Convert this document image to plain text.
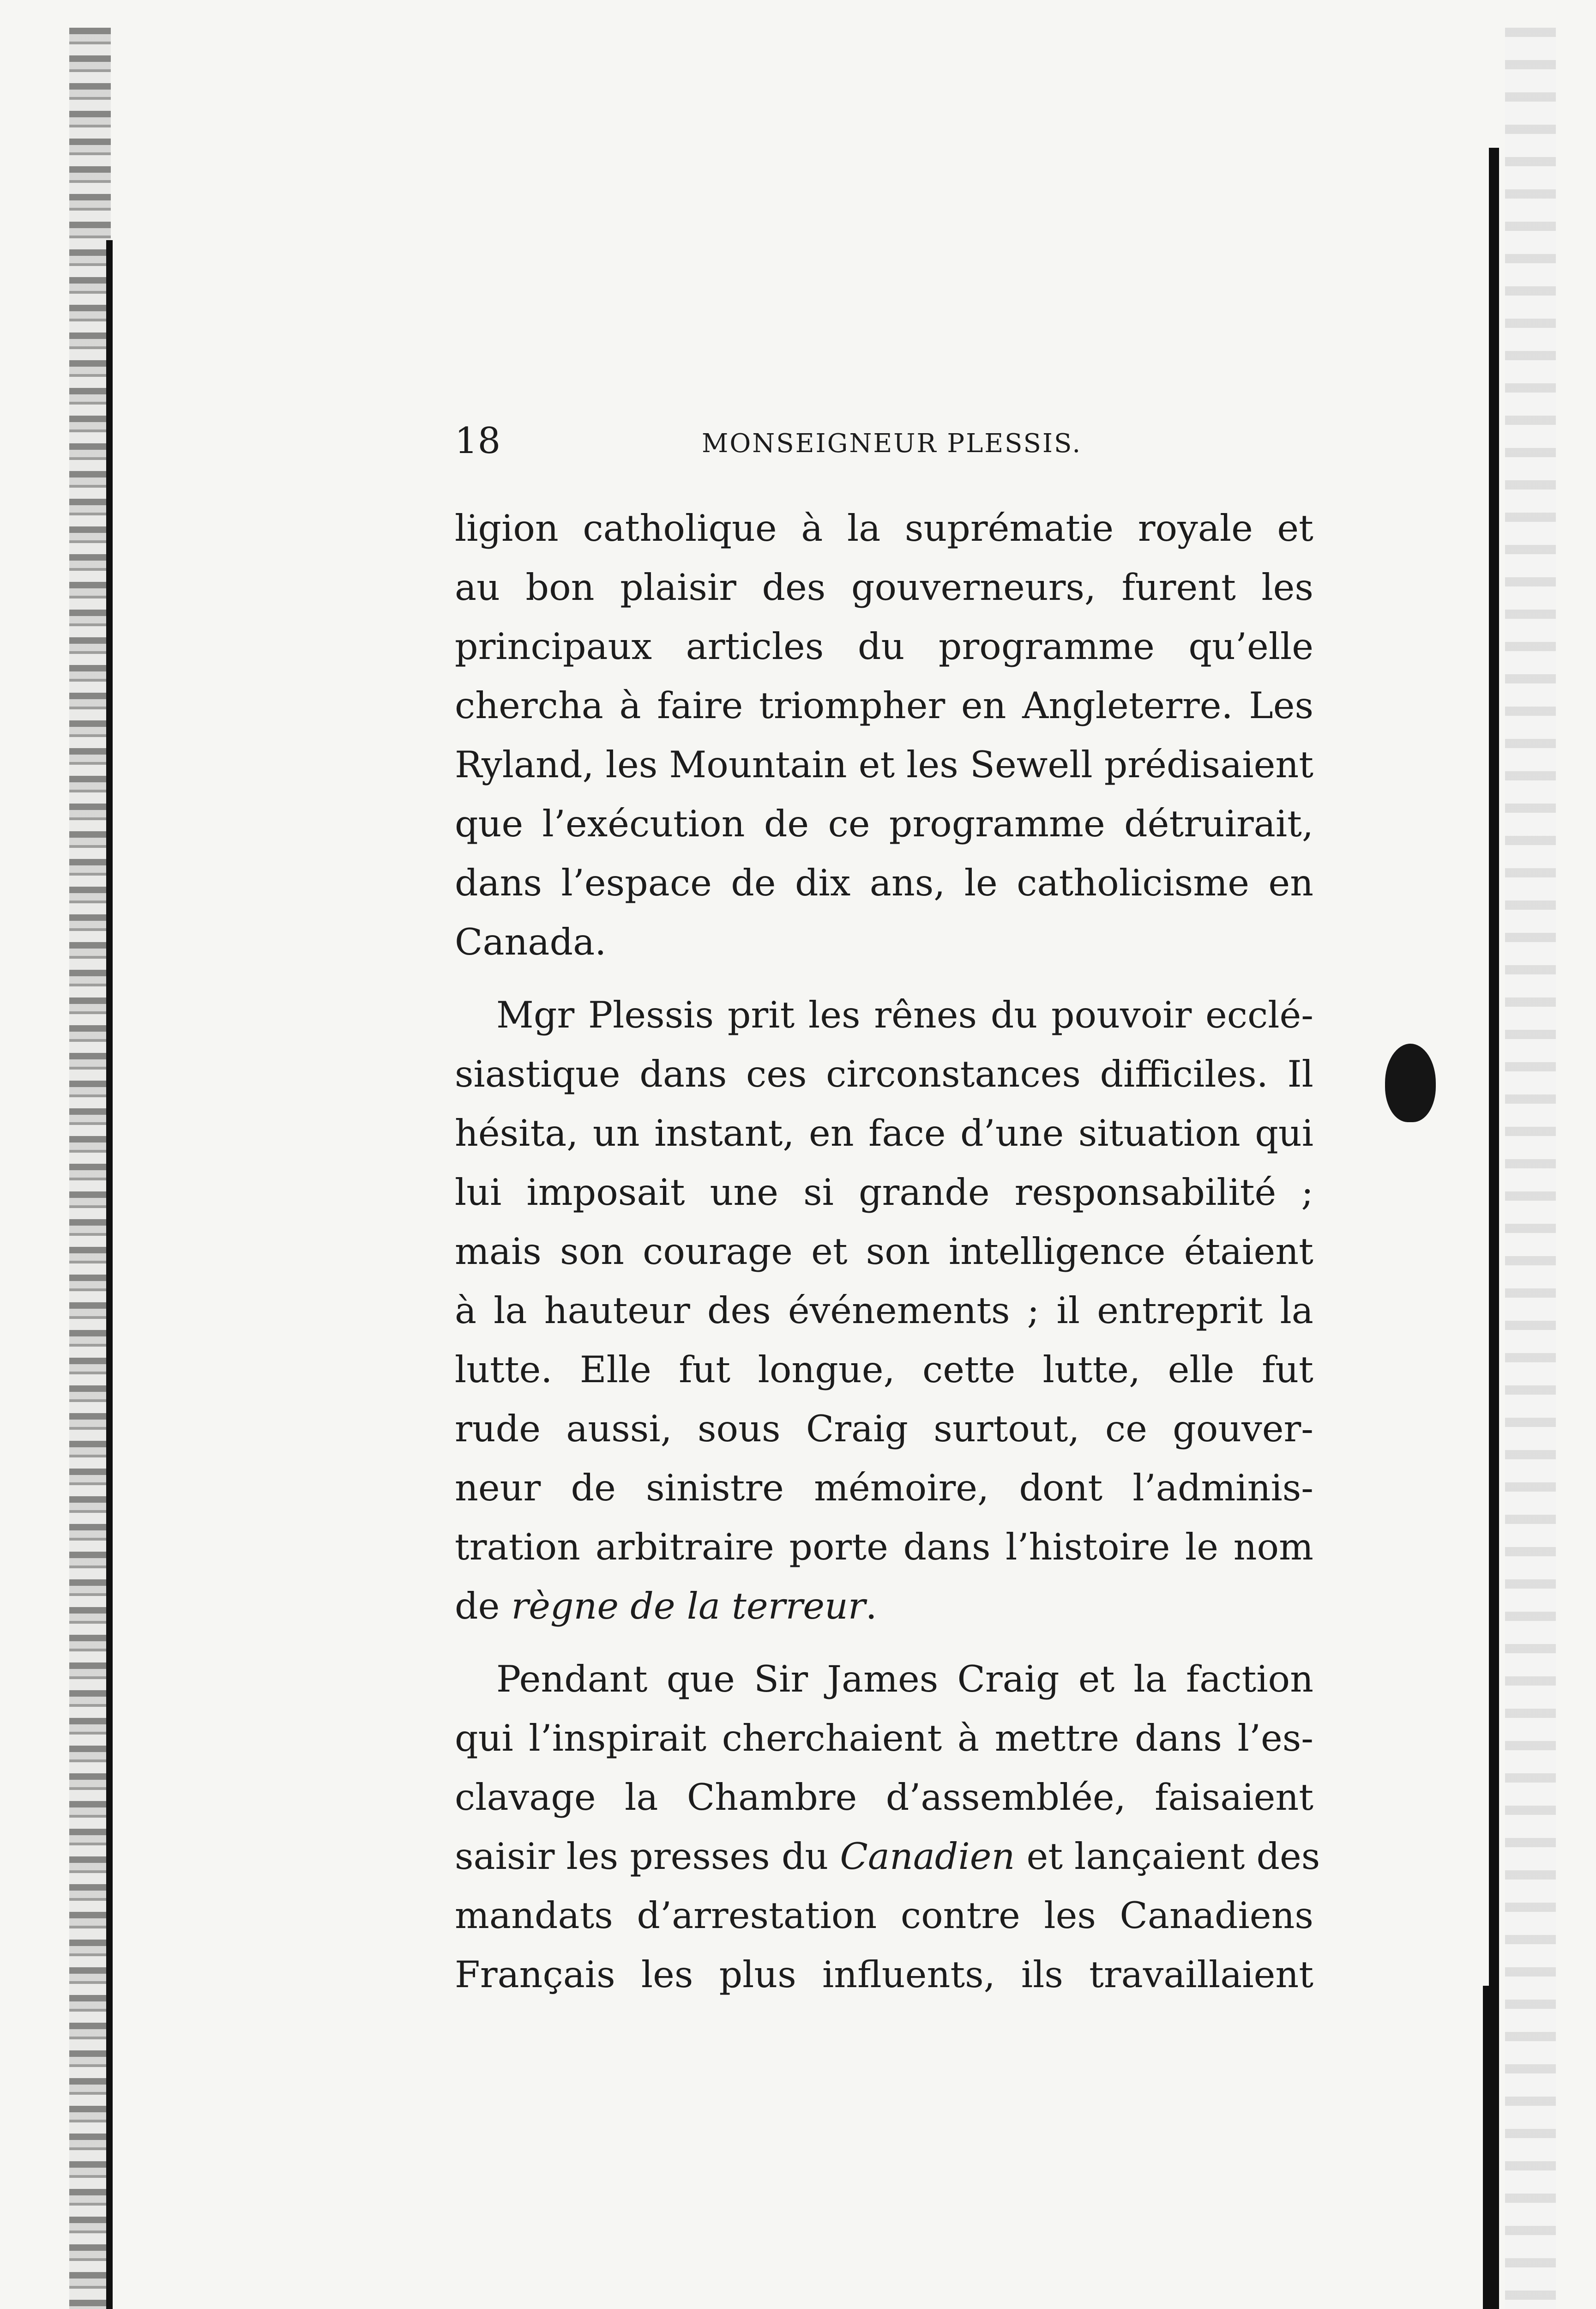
18	MONSEIGNEUR PLESSIS.
ligion catholique à la suprématie royale et
au bon plaisir des gouverneurs, furent les
principaux articles du programme qu’elle
chercha à faire triompher en Angleterre. Les
Ryland, les Mountain et les Sewell prédisaient
que l’exécution de ce programme détruirait,
dans l’espace de dix ans, le catholicisme en
Canada.
Mgr Plessis prit les rênes du pouvoir ecclé-
siastique dans ces circonstances difficiles. Il
hésita, un instant, en face d’une situation qui
lui imposait une si grande responsabilité ;
mais son courage et son intelligence étaient
à la hauteur des événements ; il entreprit la
lutte. Elle fut longue, cette lutte, elle fut
rude aussi, sous Craig surtout, ce gouver-
neur de sinistre mémoire, dont l’adminis-
tration arbitraire porte dans l’histoire le nom
de règne de la terreur.
Pendant que Sir James Craig et la faction
qui l’inspirait cherchaient à mettre dans l’es-
clavage la Chambre d’assemblée, faisaient
saisir les presses du Canadien et lançaient des
mandats d’arrestation contre les Canadiens
Français les plus influents, ils travaillaient
